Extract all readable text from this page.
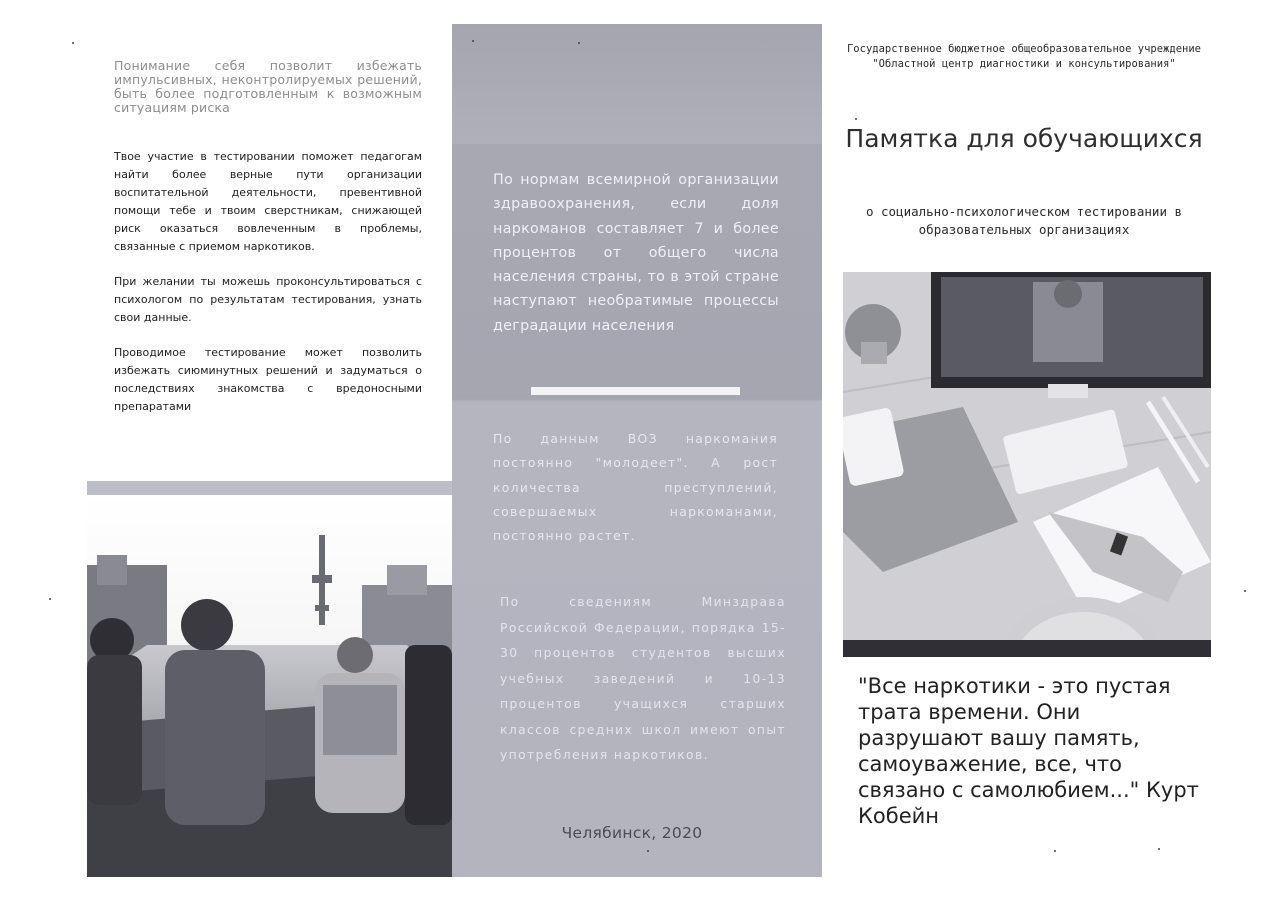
Понимание себя позволит избежать импульсивных, неконтролируемых решений, быть более подготовленным к возможным ситуациям риска
Твое участие в тестировании поможет педагогам найти более верные пути организации воспитательной деятельности, превентивной помощи тебе и твоим сверстникам, снижающей риск оказаться вовлеченным в проблемы, связанные с приемом наркотиков.
При желании ты можешь проконсультироваться с психологом по результатам тестирования, узнать свои данные.
Проводимое тестирование может позволить избежать сиюминутных решений и задуматься о последствиях знакомства с вредоносными препаратами
По нормам всемирной организации здравоохранения, если доля наркоманов составляет 7 и более процентов от общего числа населения страны, то в этой стране наступают необратимые процессы деградации населения
По данным ВОЗ наркомания постоянно "молодеет". А рост количества преступлений, совершаемых наркоманами, постоянно растет.
По сведениям Минздрава Российской Федерации, порядка 15-30 процентов студентов высших учебных заведений и 10-13 процентов учащихся старших классов средних школ имеют опыт употребления наркотиков.
Челябинск, 2020
Государственное бюджетное общеобразовательное учреждение "Областной центр диагностики и консультирования"
Памятка для обучающихся
о социально-психологическом тестировании в образовательных организациях
"Все наркотики - это пустая трата времени. Они разрушают вашу память, самоуважение, все, что связано с самолюбием..." Курт Кобейн
